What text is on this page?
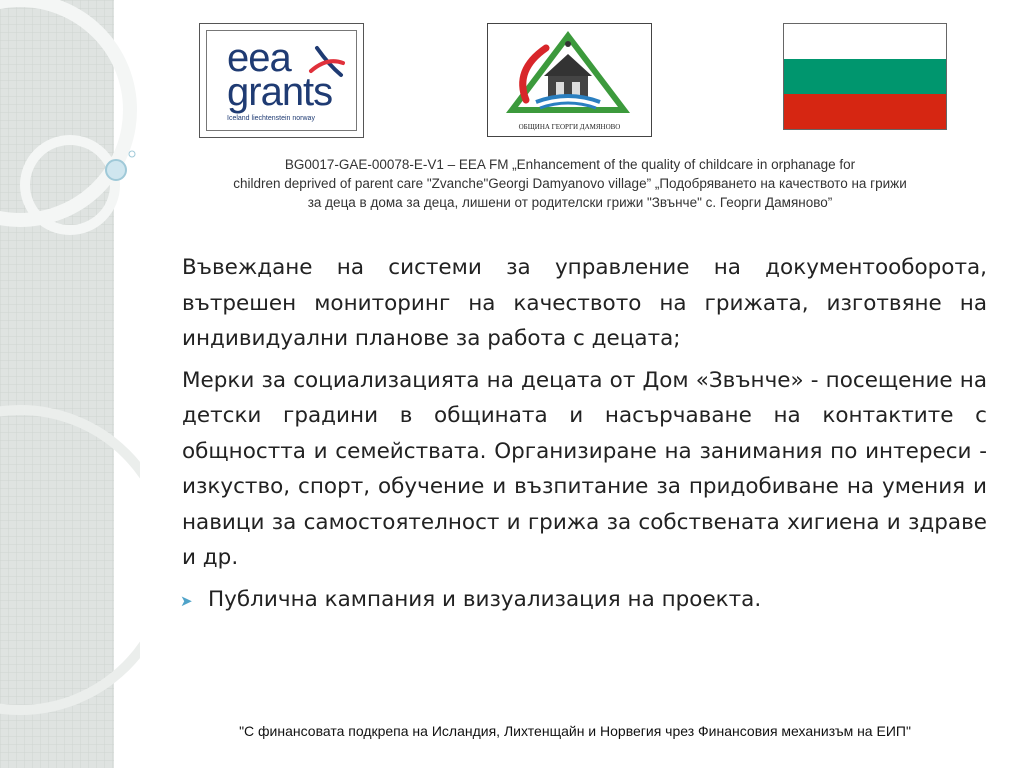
eea
grants
Iceland liechtenstein norway
ОБЩИНА ГЕОРГИ ДАМЯНОВО
BG0017-GAE-00078-E-V1 – EEA FM „Enhancement of the quality of childcare in orphanage for
children deprived of parent care "Zvanche"Georgi Damyanovo village” „Подобряването на качеството на грижи
за деца в дома за деца, лишени от родителски грижи "Звънче" с. Георги Дамяново”

Въвеждане на системи за управление на документооборота, вътрешен мониторинг на качеството на грижата, изготвяне на индивидуални планове за работа с децата;

Мерки за социализацията на децата от Дом «Звънче» - посещение на детски градини в общината и насърчаване на контактите с общността и семействата. Организиране на занимания по интереси - изкуство, спорт, обучение и възпитание за придобиване на умения и навици за самостоятелност и грижа за собствената хигиена и здраве и др.

➤ Публична кампания и визуализация на проекта.
"С финансовата подкрепа на Исландия, Лихтенщайн и Норвегия чрез Финансовия механизъм на ЕИП"
